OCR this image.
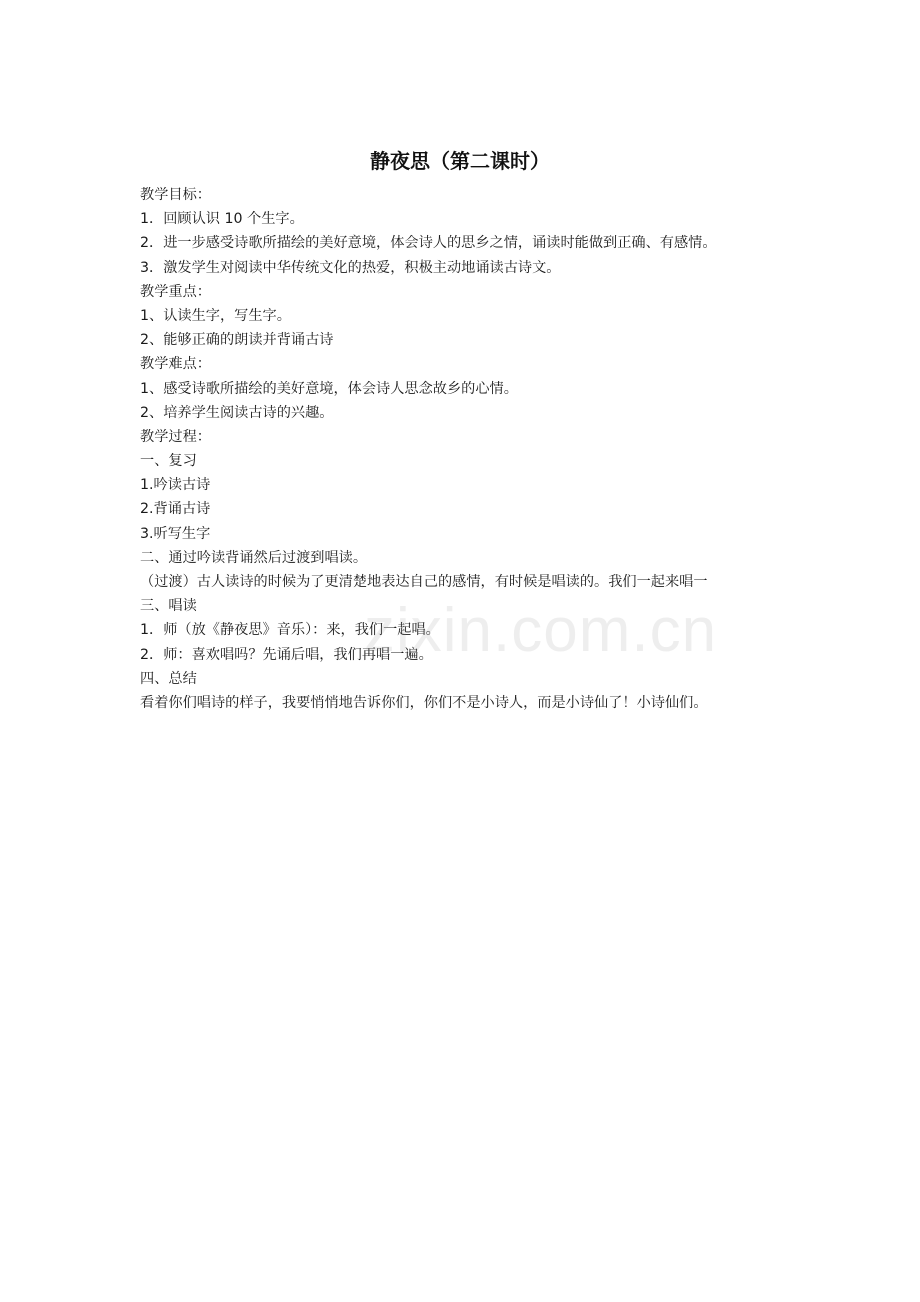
静夜思（第二课时）
教学目标：
1．回顾认识 10 个生字。
2．进一步感受诗歌所描绘的美好意境，体会诗人的思乡之情，诵读时能做到正确、有感情。
3．激发学生对阅读中华传统文化的热爱，积极主动地诵读古诗文。
教学重点：
1、认读生字，写生字。
2、能够正确的朗读并背诵古诗
教学难点：
1、感受诗歌所描绘的美好意境，体会诗人思念故乡的心情。
2、培养学生阅读古诗的兴趣。
教学过程：
一、复习
1.吟读古诗
2.背诵古诗
3.听写生字
二、通过吟读背诵然后过渡到唱读。
（过渡）古人读诗的时候为了更清楚地表达自己的感情，有时候是唱读的。我们一起来唱一
三、唱读
1．师（放《静夜思》音乐）：来，我们一起唱。
2．师：喜欢唱吗？先诵后唱，我们再唱一遍。
四、总结
看着你们唱诗的样子，我要悄悄地告诉你们，你们不是小诗人，而是小诗仙了！小诗仙们。
zixin.com.cn
